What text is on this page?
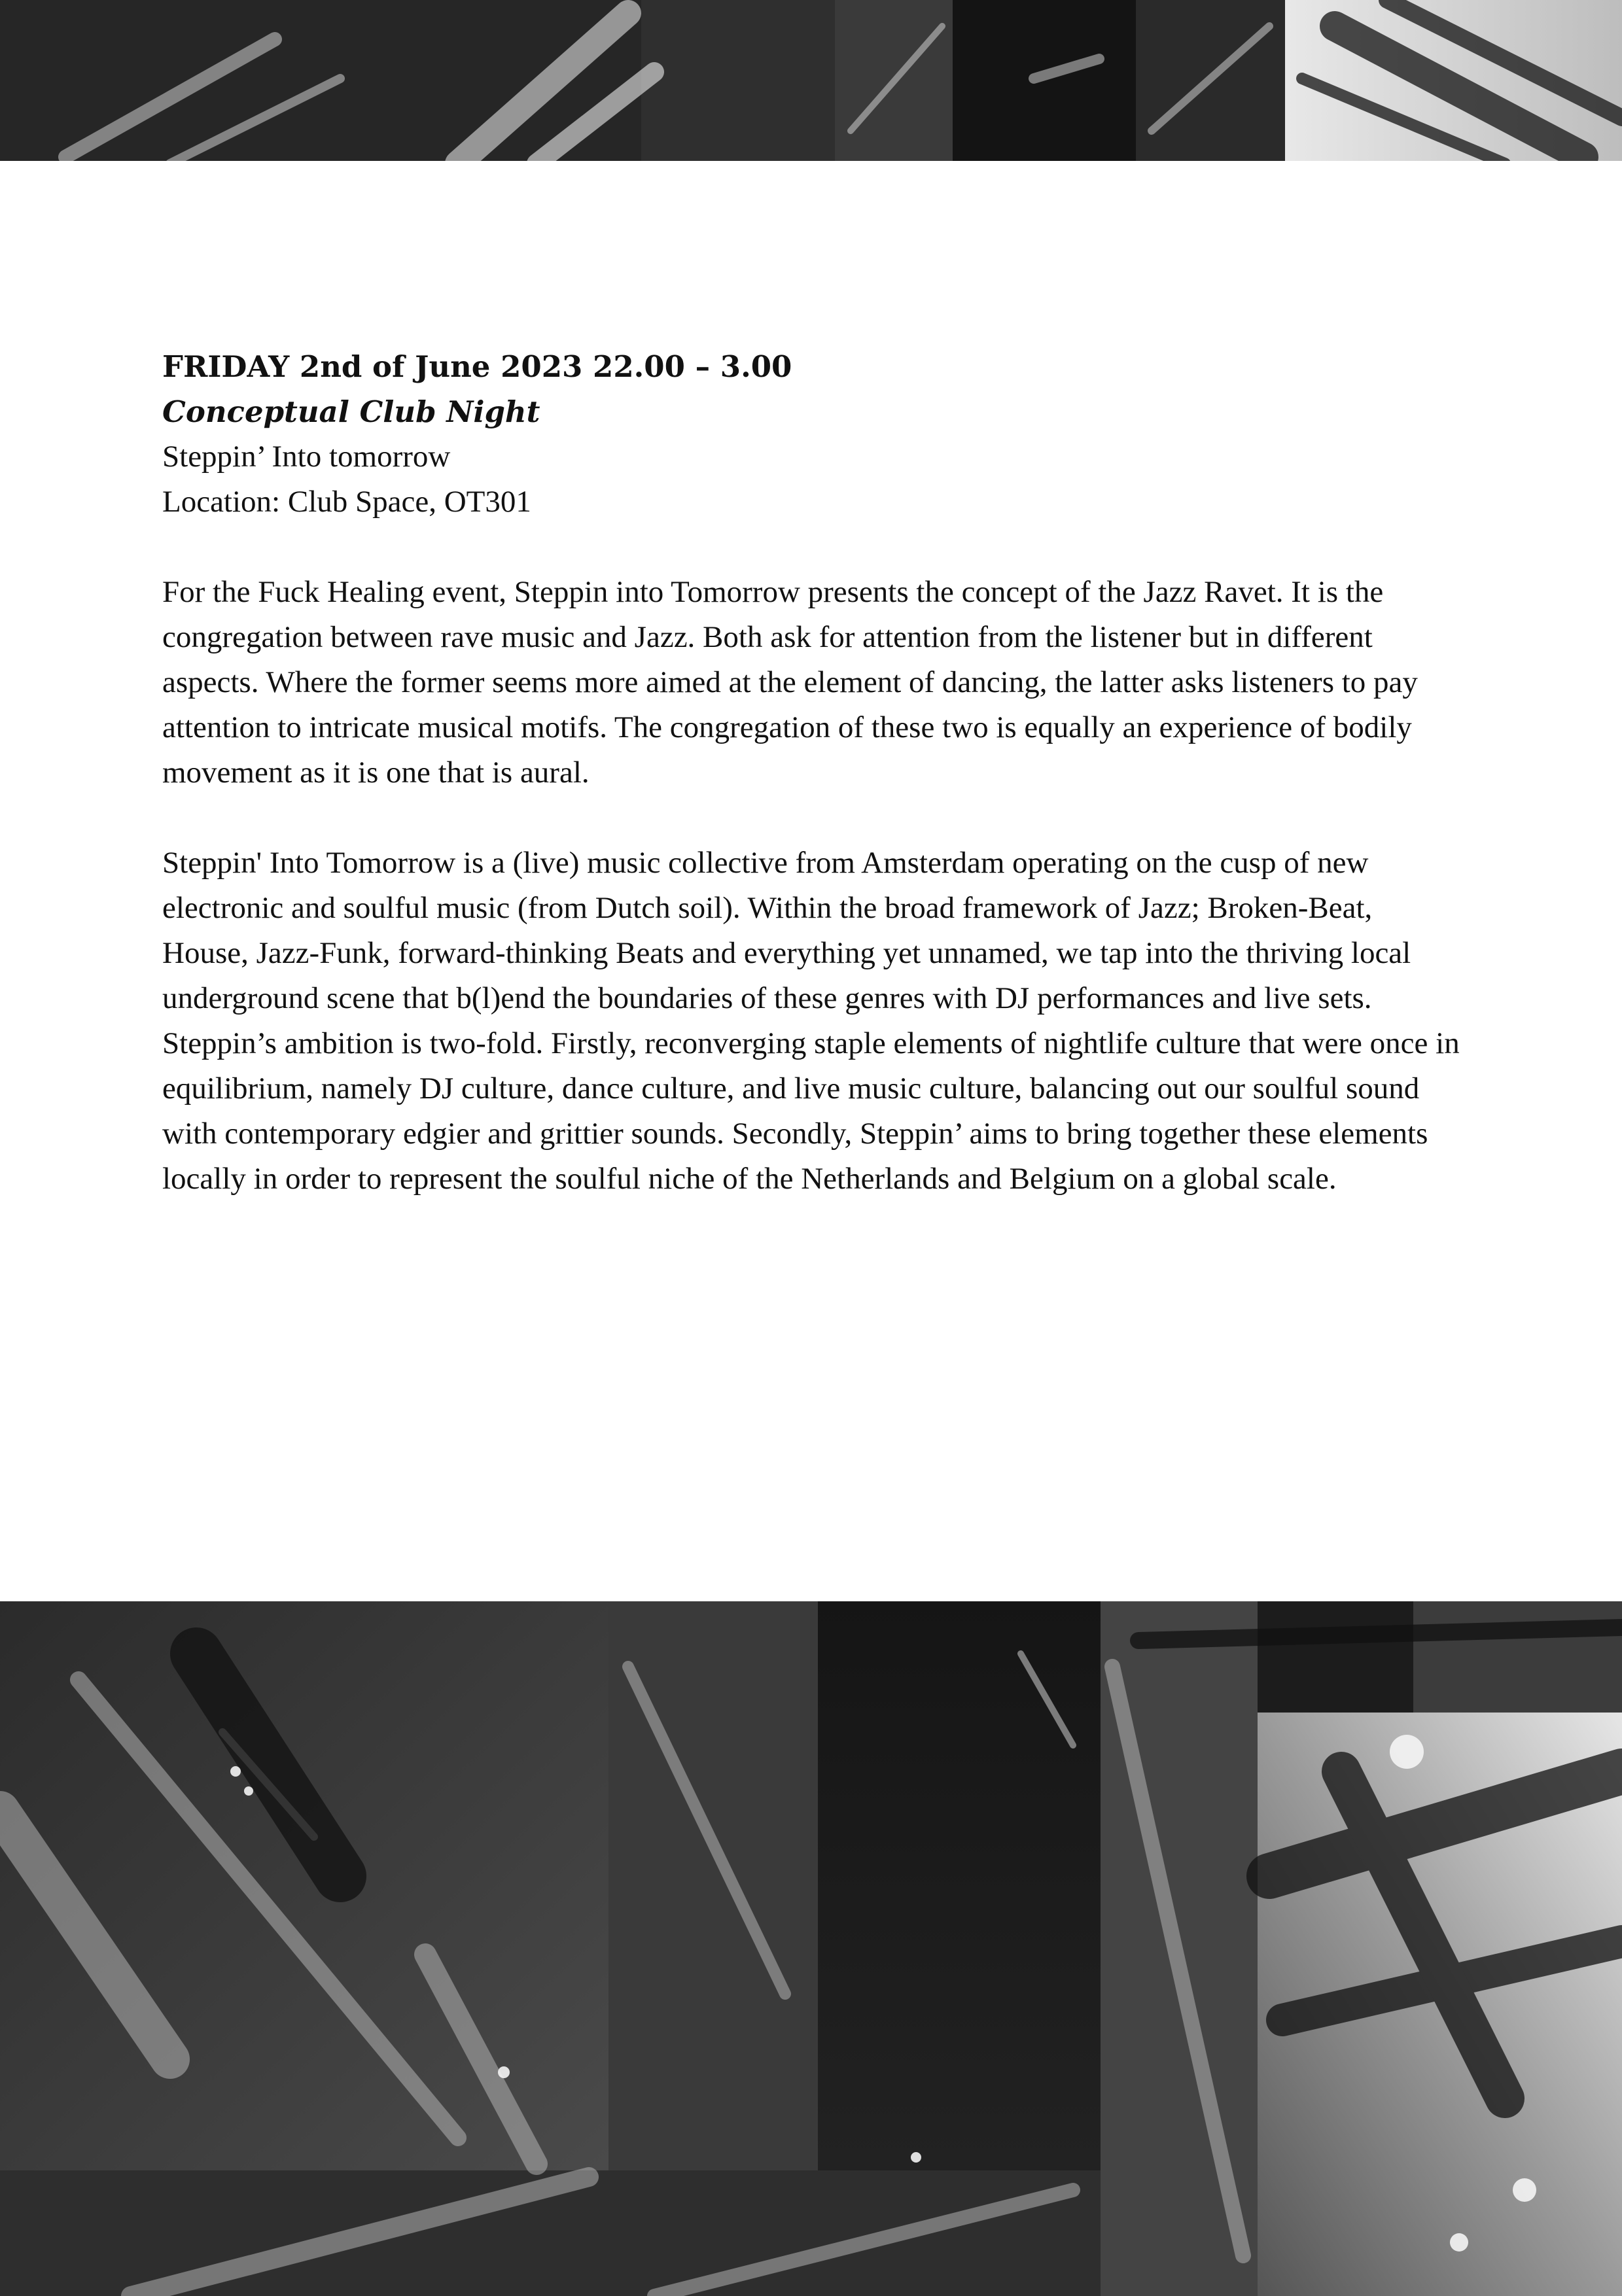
FRIDAY 2nd of June 2023 22.00 – 3.00

Conceptual Club Night

Steppin’ Into tomorrow

Location: Club Space, OT301

For the Fuck Healing event, Steppin into Tomorrow presents the concept of the Jazz Ravet. It is the congregation between rave music and Jazz. Both ask for attention from the listener but in different aspects. Where the former seems more aimed at the element of dancing, the latter asks listeners to pay attention to intricate musical motifs. The congregation of these two is equally an experience of bodily movement as it is one that is aural.

Steppin' Into Tomorrow is a (live) music collective from Amsterdam operating on the cusp of new electronic and soulful music (from Dutch soil). Within the broad framework of Jazz; Broken-Beat, House, Jazz-Funk, forward-thinking Beats and everything yet unnamed, we tap into the thriving local underground scene that b(l)end the boundaries of these genres with DJ performances and live sets.

Steppin’s ambition is two-fold. Firstly, reconverging staple elements of nightlife culture that were once in equilibrium, namely DJ culture, dance culture, and live music culture, balancing out our soulful sound with contemporary edgier and grittier sounds. Secondly, Steppin’ aims to bring together these elements locally in order to represent the soulful niche of the Netherlands and Belgium on a global scale.
